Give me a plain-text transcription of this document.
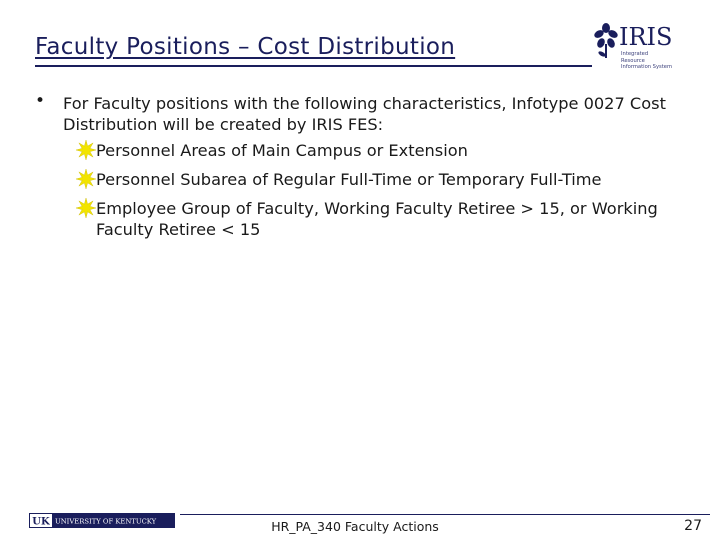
Faculty Positions – Cost Distribution	IRIS
Integrated Resource Information System
•	For Faculty positions with the following characteristics, Infotype 0027 Cost Distribution will be created by IRIS FES:
Personnel Areas of Main Campus or Extension
Personnel Subarea of Regular Full-Time or Temporary Full-Time
Employee Group of Faculty, Working Faculty Retiree > 15, or Working Faculty Retiree < 15
UK UNIVERSITY OF KENTUCKY	HR_PA_340 Faculty Actions	27
